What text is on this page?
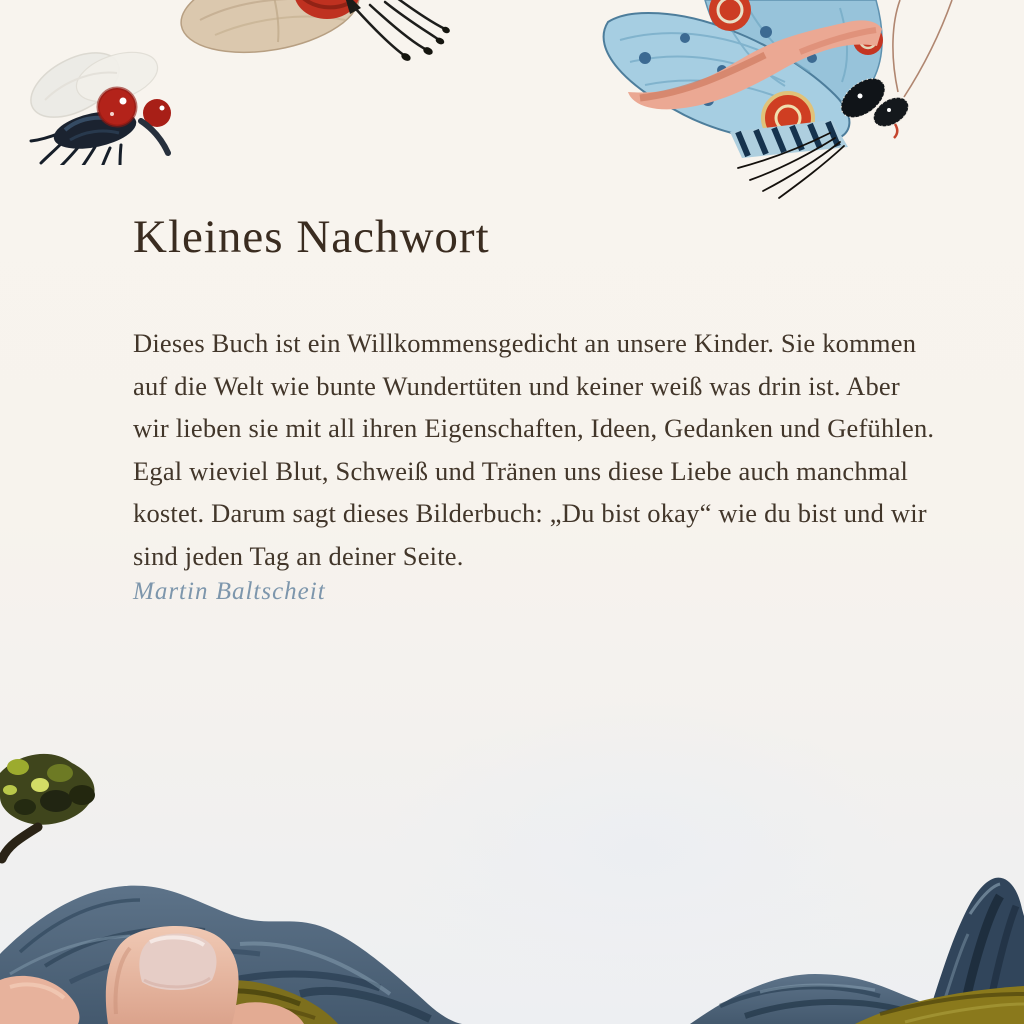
Kleines Nachwort
Dieses Buch ist ein Willkommensgedicht an unsere Kinder. Sie kommen
auf die Welt wie bunte Wundertüten und keiner weiß was drin ist. Aber
wir lieben sie mit all ihren Eigenschaften, Ideen, Gedanken und Gefühlen.
Egal wieviel Blut, Schweiß und Tränen uns diese Liebe auch manchmal
kostet. Darum sagt dieses Bilderbuch: „Du bist okay“ wie du bist und wir
sind jeden Tag an deiner Seite.
Martin Baltscheit
